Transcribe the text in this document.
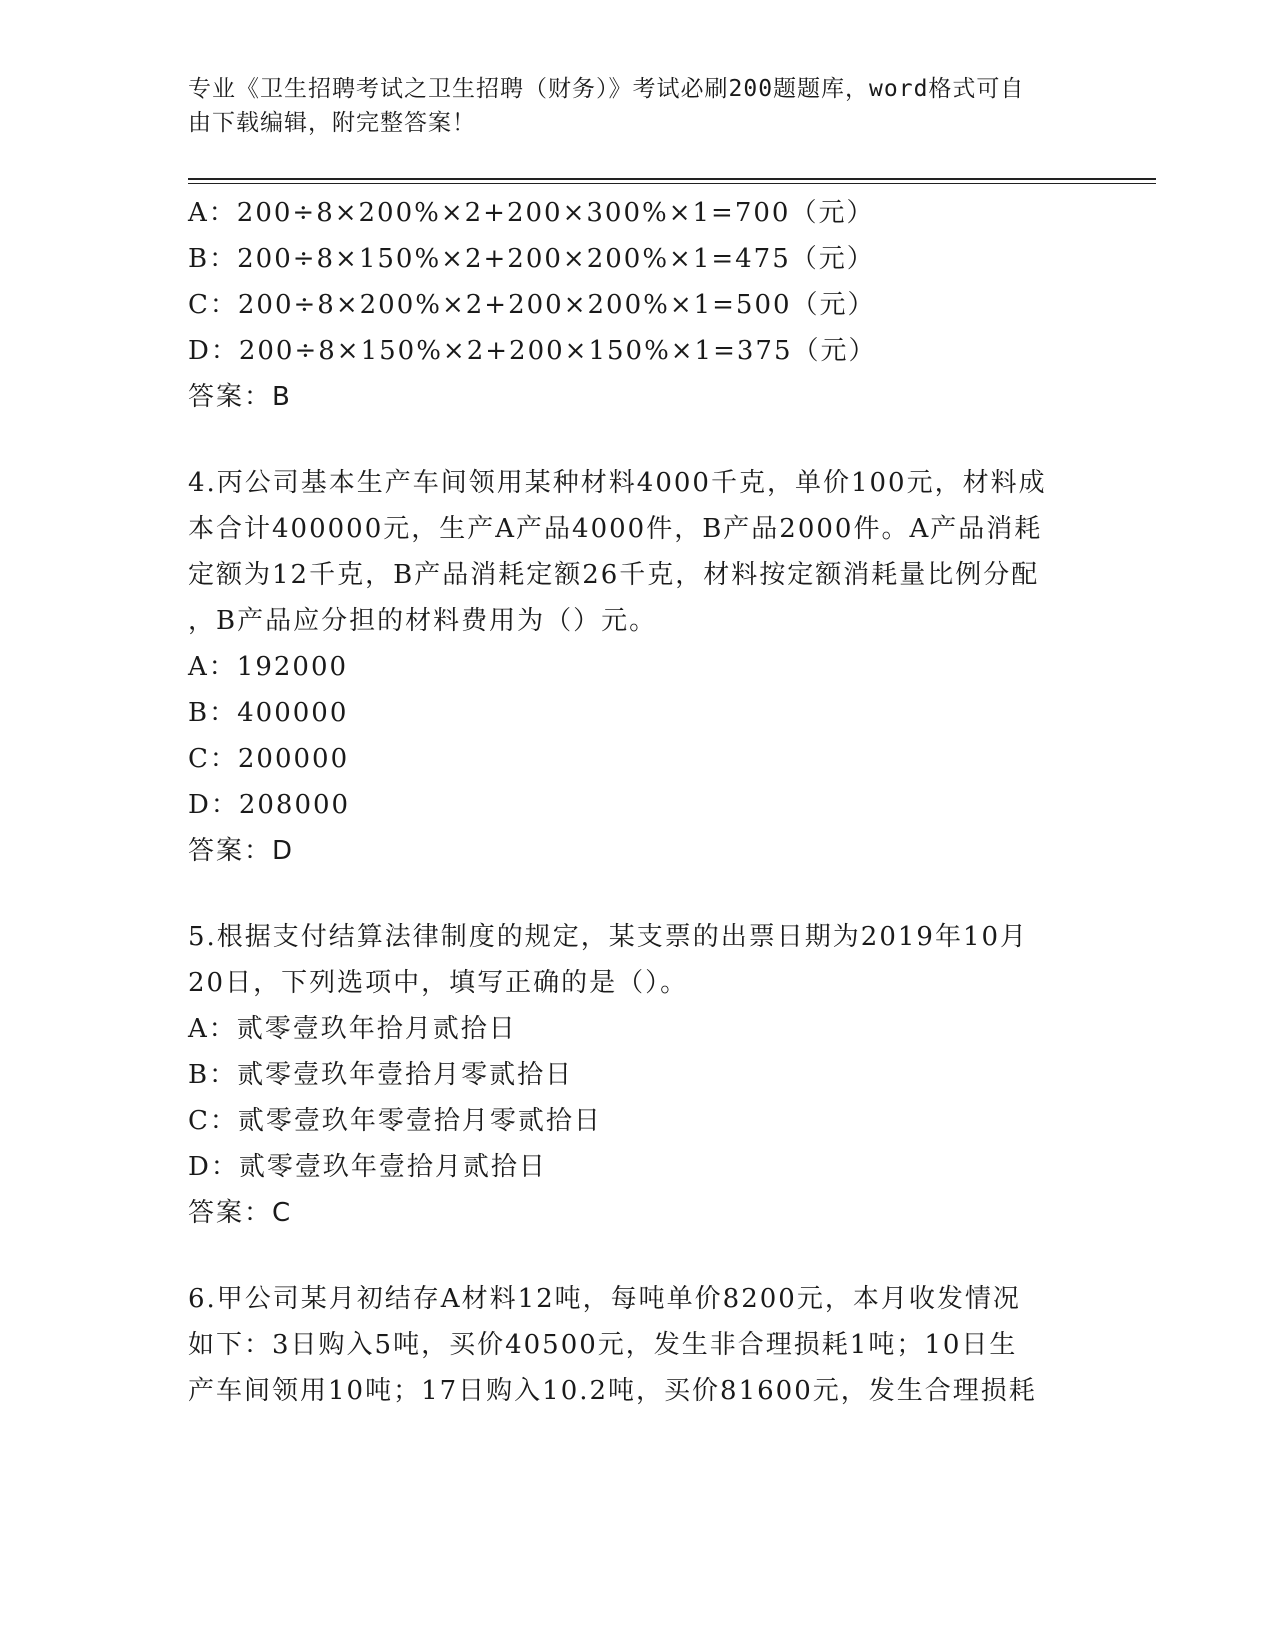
专业《卫生招聘考试之卫生招聘（财务）》考试必刷200题题库，word格式可自
由下载编辑，附完整答案！
A：200÷8×200%×2+200×300%×1=700（元）
B：200÷8×150%×2+200×200%×1=475（元）
C：200÷8×200%×2+200×200%×1=500（元）
D：200÷8×150%×2+200×150%×1=375（元）
答案：B
4.丙公司基本生产车间领用某种材料4000千克，单价100元，材料成
本合计400000元，生产A产品4000件，B产品2000件。A产品消耗
定额为12千克，B产品消耗定额26千克，材料按定额消耗量比例分配
，B产品应分担的材料费用为（）元。
A：192000
B：400000
C：200000
D：208000
答案：D
5.根据支付结算法律制度的规定，某支票的出票日期为2019年10月
20日，下列选项中，填写正确的是（）。
A：贰零壹玖年拾月贰拾日
B：贰零壹玖年壹拾月零贰拾日
C：贰零壹玖年零壹拾月零贰拾日
D：贰零壹玖年壹拾月贰拾日
答案：C
6.甲公司某月初结存A材料12吨，每吨单价8200元，本月收发情况
如下：3日购入5吨，买价40500元，发生非合理损耗1吨；10日生
产车间领用10吨；17日购入10.2吨，买价81600元，发生合理损耗
